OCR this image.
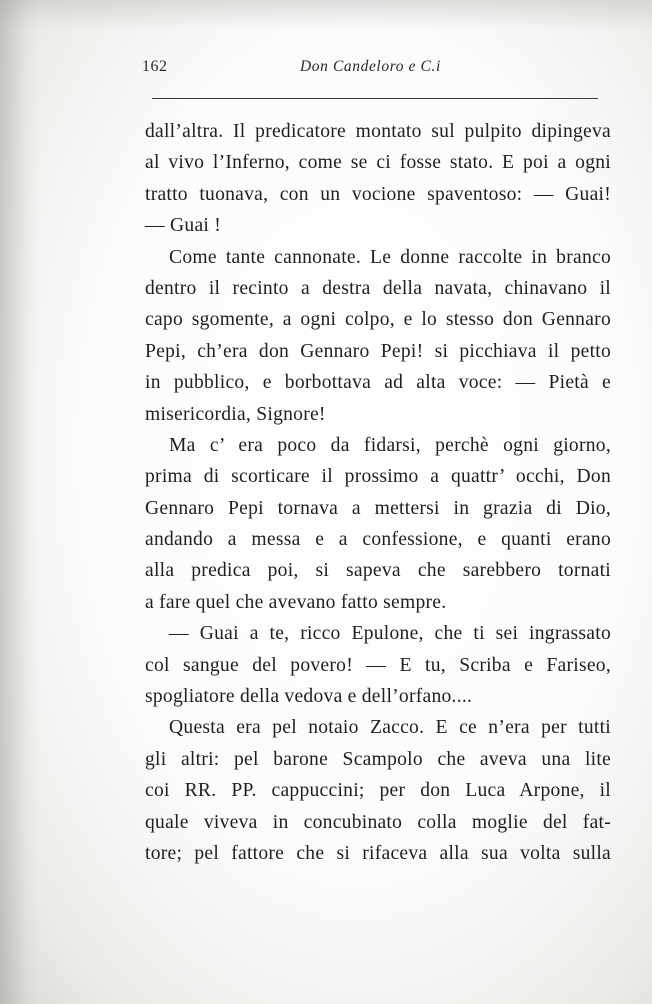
162	Don Candeloro e C.i
dall’altra. Il predicatore montato sul pulpito dipingeva
al vivo l’Inferno, come se ci fosse stato. E poi a ogni
tratto tuonava, con un vocione spaventoso: — Guai!
— Guai !
Come tante cannonate. Le donne raccolte in branco
dentro il recinto a destra della navata, chinavano il
capo sgomente, a ogni colpo, e lo stesso don Gennaro
Pepi, ch’era don Gennaro Pepi! si picchiava il petto
in pubblico, e borbottava ad alta voce: — Pietà e
misericordia, Signore!
Ma c’ era poco da fidarsi, perchè ogni giorno,
prima di scorticare il prossimo a quattr’ occhi, Don
Gennaro Pepi tornava a mettersi in grazia di Dio,
andando a messa e a confessione, e quanti erano
alla predica poi, si sapeva che sarebbero tornati
a fare quel che avevano fatto sempre.
— Guai a te, ricco Epulone, che ti sei ingrassato
col sangue del povero! — E tu, Scriba e Fariseo,
spogliatore della vedova e dell’orfano....
Questa era pel notaio Zacco. E ce n’era per tutti
gli altri: pel barone Scampolo che aveva una lite
coi RR. PP. cappuccini; per don Luca Arpone, il
quale viveva in concubinato colla moglie del fat-
tore; pel fattore che si rifaceva alla sua volta sulla
